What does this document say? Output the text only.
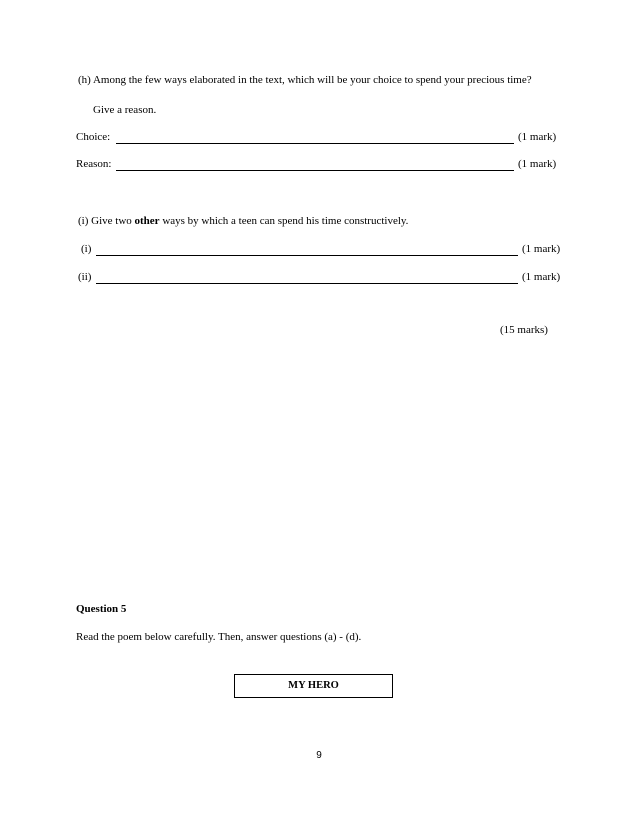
(h) Among the few ways elaborated in the text, which will be your choice to spend your precious time?
Give a reason.
Choice:	(1 mark)
Reason:	(1 mark)
(i) Give two other ways by which a teen can spend his time constructively.
(i)	(1 mark)
(ii)	(1 mark)
(15 marks)
Question 5
Read the poem below carefully. Then, answer questions (a) - (d).
MY HERO
9
